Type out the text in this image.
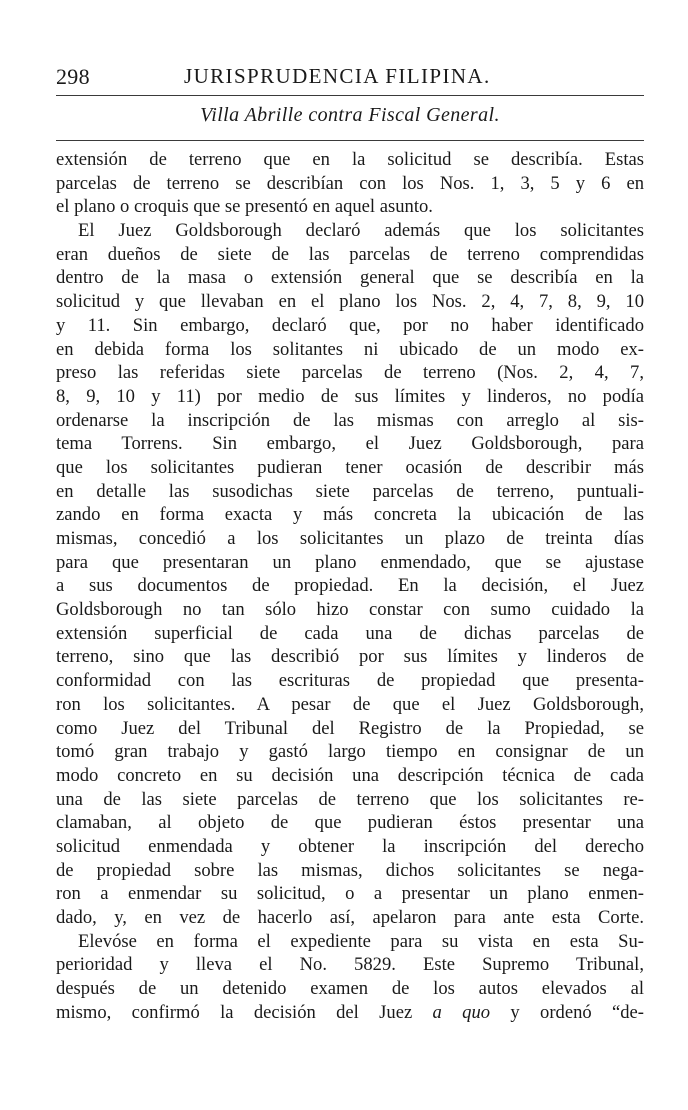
298	JURISPRUDENCIA FILIPINA.
Villa Abrille contra Fiscal General.
extensión de terreno que en la solicitud se describía. Estas
parcelas de terreno se describían con los Nos. 1, 3, 5 y 6 en
el plano o croquis que se presentó en aquel asunto.
El Juez Goldsborough declaró además que los solicitantes
eran dueños de siete de las parcelas de terreno comprendidas
dentro de la masa o extensión general que se describía en la
solicitud y que llevaban en el plano los Nos. 2, 4, 7, 8, 9, 10
y 11. Sin embargo, declaró que, por no haber identificado
en debida forma los solitantes ni ubicado de un modo ex-
preso las referidas siete parcelas de terreno (Nos. 2, 4, 7,
8, 9, 10 y 11) por medio de sus límites y linderos, no podía
ordenarse la inscripción de las mismas con arreglo al sis-
tema Torrens. Sin embargo, el Juez Goldsborough, para
que los solicitantes pudieran tener ocasión de describir más
en detalle las susodichas siete parcelas de terreno, puntuali-
zando en forma exacta y más concreta la ubicación de las
mismas, concedió a los solicitantes un plazo de treinta días
para que presentaran un plano enmendado, que se ajustase
a sus documentos de propiedad. En la decisión, el Juez
Goldsborough no tan sólo hizo constar con sumo cuidado la
extensión superficial de cada una de dichas parcelas de
terreno, sino que las describió por sus límites y linderos de
conformidad con las escrituras de propiedad que presenta-
ron los solicitantes. A pesar de que el Juez Goldsborough,
como Juez del Tribunal del Registro de la Propiedad, se
tomó gran trabajo y gastó largo tiempo en consignar de un
modo concreto en su decisión una descripción técnica de cada
una de las siete parcelas de terreno que los solicitantes re-
clamaban, al objeto de que pudieran éstos presentar una
solicitud enmendada y obtener la inscripción del derecho
de propiedad sobre las mismas, dichos solicitantes se nega-
ron a enmendar su solicitud, o a presentar un plano enmen-
dado, y, en vez de hacerlo así, apelaron para ante esta Corte.
Elevóse en forma el expediente para su vista en esta Su-
perioridad y lleva el No. 5829. Este Supremo Tribunal,
después de un detenido examen de los autos elevados al
mismo, confirmó la decisión del Juez a quo y ordenó “de-
